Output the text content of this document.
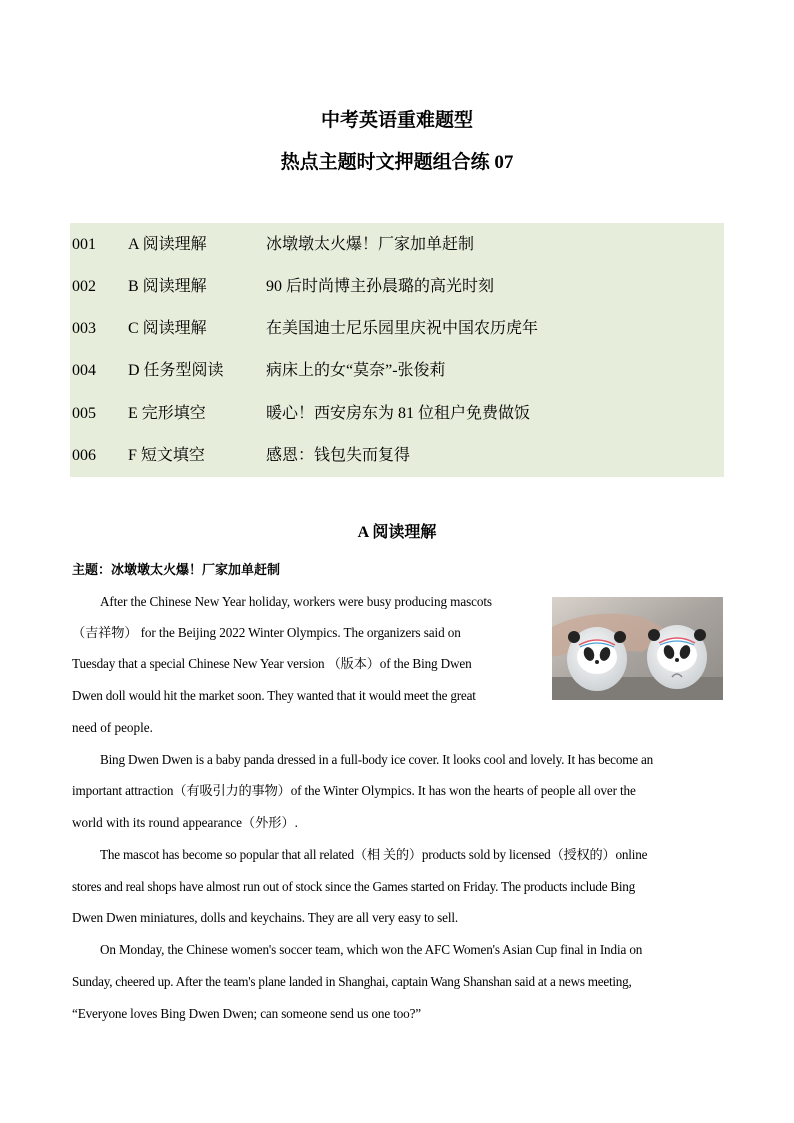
中考英语重难题型
热点主题时文押题组合练 07
001 A 阅读理解	冰墩墩太火爆！厂家加单赶制
002 B 阅读理解	90 后时尚博主孙晨璐的高光时刻
003 C 阅读理解	在美国迪士尼乐园里庆祝中国农历虎年
004 D 任务型阅读	病床上的女“莫奈”-张俊莉
005 E 完形填空	暖心！西安房东为 81 位租户免费做饭
006 F 短文填空	感恩：钱包失而复得
A 阅读理解
主题：冰墩墩太火爆！厂家加单赶制
After the Chinese New Year holiday, workers were busy producing mascots
（吉祥物） for the Beijing 2022 Winter Olympics. The organizers said on
Tuesday that a special Chinese New Year version （版本）of the Bing Dwen
Dwen doll would hit the market soon. They wanted that it would meet the great
need of people.
Bing Dwen Dwen is a baby panda dressed in a full-body ice cover. It looks cool and lovely. It has become an
important attraction（有吸引力的事物）of the Winter Olympics. It has won the hearts of people all over the
world with its round appearance（外形）.
The mascot has become so popular that all related（相 关的）products sold by licensed（授权的）online
stores and real shops have almost run out of stock since the Games started on Friday. The products include Bing
Dwen Dwen miniatures, dolls and keychains. They are all very easy to sell.
On Monday, the Chinese women's soccer team, which won the AFC Women's Asian Cup final in India on
Sunday, cheered up. After the team's plane landed in Shanghai, captain Wang Shanshan said at a news meeting,
“Everyone loves Bing Dwen Dwen; can someone send us one too?”
